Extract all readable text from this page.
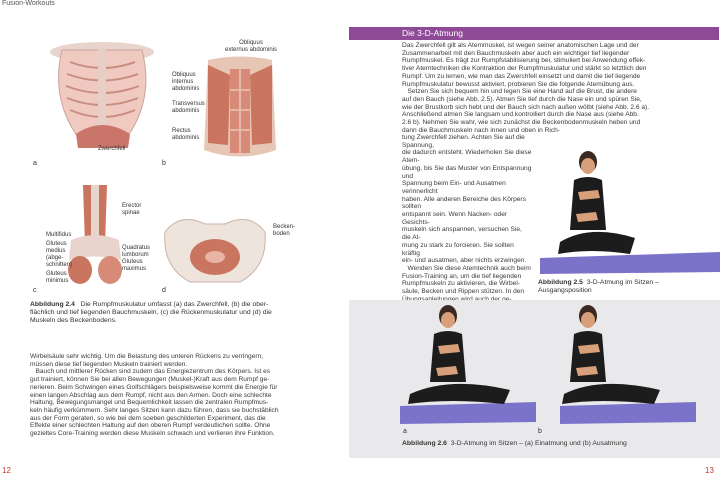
Fusion-Workouts
Zwerchfell
a
Obliquus
externus abdominis
Obliquus
internus
abdominis
Transversus
abdominis
Rectus
abdominis
b
Erector
spinae
Multifidus
Gluteus
medius
(abge-
schnitten)
Gluteus
minimus
Quadratus
lumborum
Gluteus
maximus
c
Becken-
boden
d
Abbildung 2.4 Die Rumpfmuskulatur umfasst (a) das Zwerchfell, (b) die ober-
flächlich und tief liegenden Bauchmuskeln, (c) die Rückenmuskulatur und (d) die
Muskeln des Beckenbodens.
Wirbelsäule sehr wichtig. Um die Belastung des unteren Rückens zu verringern,
müssen diese tief liegenden Muskeln trainiert werden.
Bauch und mittlerer Rücken sind zudem das Energiezentrum des Körpers. Ist es
gut trainiert, können Sie bei allen Bewegungen (Muskel-)Kraft aus dem Rumpf ge-
nerieren. Beim Schwingen eines Golfschlägers beispielsweise kommt die Energie für
einen langen Abschlag aus dem Rumpf, nicht aus den Armen. Doch eine schlechte
Haltung, Bewegungsmangel und Bequemlichkeit lassen die zentralen Rumpfmus-
keln häufig verkümmern. Sehr langes Sitzen kann dazu führen, dass sie buchstäblich
aus der Form geraten, so wie bei dem soeben geschilderten Experiment, das die
Effekte einer schlechten Haltung auf den oberen Rumpf verdeutlichen sollte. Ohne
gezieltes Core-Training werden diese Muskeln schwach und verlieren ihre Funktion.
12
Die 3-D-Atmung
Das Zwerchfell gilt als Atemmuskel, ist wegen seiner anatomischen Lage und der
Zusammenarbeit mit den Bauchmuskeln aber auch ein wichtiger tief liegender
Rumpfmuskel. Es trägt zur Rumpfstabilisierung bei, stimuliert bei Anwendung effek-
tiver Atemtechniken die Kontraktion der Rumpfmuskulatur und stärkt so letztlich den
Rumpf. Um zu lernen, wie man das Zwerchfell einsetzt und damit die tief liegende
Rumpfmuskulatur bewusst aktiviert, probieren Sie die folgende Atemübung aus.
Setzen Sie sich bequem hin und legen Sie eine Hand auf die Brust, die andere
auf den Bauch (siehe Abb. 2.5). Atmen Sie tief durch die Nase ein und spüren Sie,
wie der Brustkorb sich hebt und der Bauch sich nach außen wölbt (siehe Abb. 2.6 a).
Anschließend atmen Sie langsam und kontrolliert durch die Nase aus (siehe Abb.
2.6 b). Nehmen Sie wahr, wie sich zunächst die Beckenbodenmuskeln heben und
dann die Bauchmuskeln nach innen und oben in Rich-
tung Zwerchfell ziehen. Achten Sie auf die Spannung,
die dadurch entsteht. Wiederholen Sie diese Atem-
übung, bis Sie das Muster von Entspannung und
Spannung beim Ein- und Ausatmen verinnerlicht
haben. Alle anderen Bereiche des Körpers sollten
entspannt sein. Wenn Nacken- oder Gesichts-
muskeln sich anspannen, versuchen Sie, die At-
mung zu stark zu forcieren. Sie sollten kräftig
ein- und ausatmen, aber nichts erzwingen.
Wenden Sie diese Atemtechnik auch beim
Fusion-Training an, um die tief liegenden
Rumpfmuskeln zu aktivieren, die Wirbel-
säule, Becken und Rippen stützen. In den
Abbildung 2.5 3-D-Atmung im Sitzen –
Ausgangsposition
a	b
Abbildung 2.6 3-D-Atmung im Sitzen – (a) Einatmung und (b) Ausatmung
13
